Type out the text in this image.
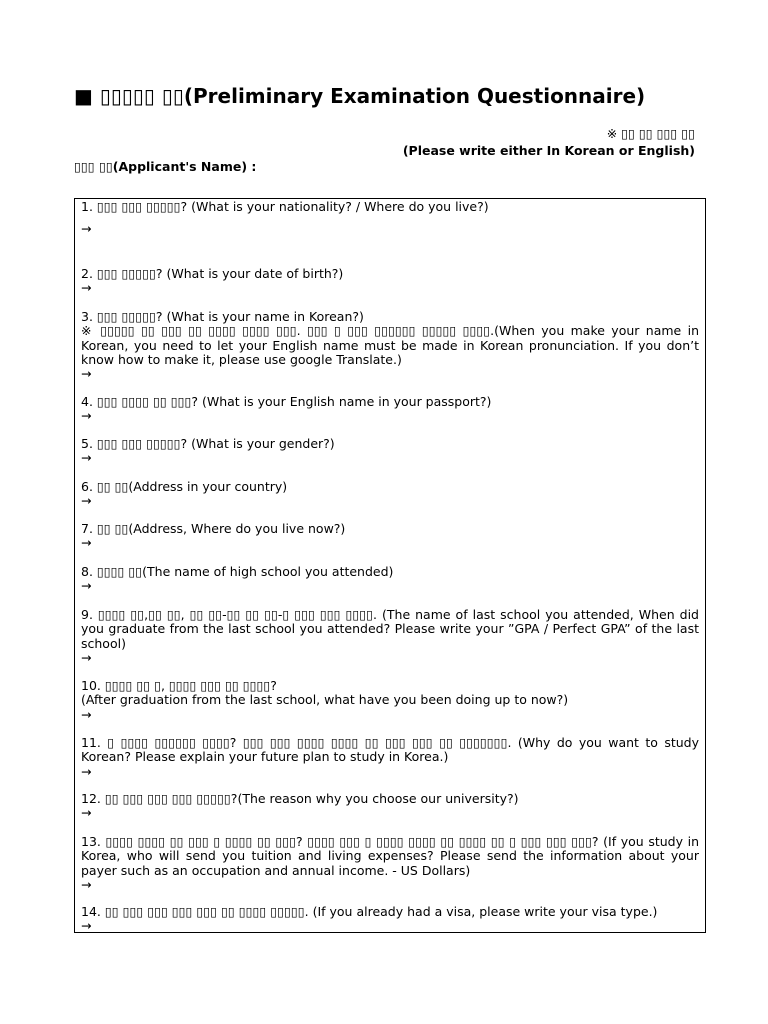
■ ▯▯▯▯▯ ▯▯(Preliminary Examination Questionnaire)
※ ▯▯ ▯▯ ▯▯▯ ▯▯
(Please write either In Korean or English)
▯▯▯ ▯▯(Applicant's Name) :
1. ▯▯▯ ▯▯▯ ▯▯▯▯▯? (What is your nationality? / Where do you live?)
→
2. ▯▯▯ ▯▯▯▯▯? (What is your date of birth?)
→
3. ▯▯▯ ▯▯▯▯▯? (What is your name in Korean?)
※ ▯▯▯▯▯ ▯▯ ▯▯▯ ▯▯ ▯▯▯▯ ▯▯▯▯ ▯▯▯. ▯▯▯ ▯ ▯▯▯ ▯▯▯▯▯▯ ▯▯▯▯▯ ▯▯▯▯.(When you make your name in Korean, you need to let your English name must be made in Korean pronunciation. If you don’t know how to make it, please use google Translate.)
→
4. ▯▯▯ ▯▯▯▯ ▯▯ ▯▯▯? (What is your English name in your passport?)
→
5. ▯▯▯ ▯▯▯ ▯▯▯▯▯? (What is your gender?)
→
6. ▯▯ ▯▯(Address in your country)
→
7. ▯▯ ▯▯(Address, Where do you live now?)
→
8. ▯▯▯▯ ▯▯(The name of high school you attended)
→
9. ▯▯▯▯ ▯▯,▯▯ ▯▯, ▯▯ ▯▯-▯▯ ▯▯ ▯▯-▯ ▯▯▯ ▯▯▯ ▯▯▯▯. (The name of last school you attended, When did you graduate from the last school you attended? Please write your ”GPA / Perfect GPA” of the last school)
→
10. ▯▯▯▯ ▯▯ ▯, ▯▯▯▯ ▯▯▯ ▯▯ ▯▯▯▯?
(After graduation from the last school, what have you been doing up to now?)
→
11. ▯ ▯▯▯▯ ▯▯▯▯▯▯ ▯▯▯▯? ▯▯▯ ▯▯▯ ▯▯▯▯ ▯▯▯▯ ▯▯ ▯▯▯ ▯▯▯ ▯▯ ▯▯▯▯▯▯▯. (Why do you want to study Korean? Please explain your future plan to study in Korea.)
→
12. ▯▯ ▯▯▯ ▯▯▯ ▯▯▯ ▯▯▯▯▯?(The reason why you choose our university?)
→
13. ▯▯▯▯ ▯▯▯▯ ▯▯ ▯▯▯ ▯ ▯▯▯▯ ▯▯ ▯▯▯? ▯▯▯▯ ▯▯▯ ▯ ▯▯▯▯ ▯▯▯▯ ▯▯ ▯▯▯▯ ▯▯ ▯ ▯▯▯ ▯▯▯ ▯▯▯? (If you study in Korea, who will send you tuition and living expenses? Please send the information about your payer such as an occupation and annual income. - US Dollars)
→
14. ▯▯ ▯▯▯ ▯▯▯ ▯▯▯ ▯▯▯ ▯▯ ▯▯▯▯ ▯▯▯▯▯. (If you already had a visa, please write your visa type.)
→
